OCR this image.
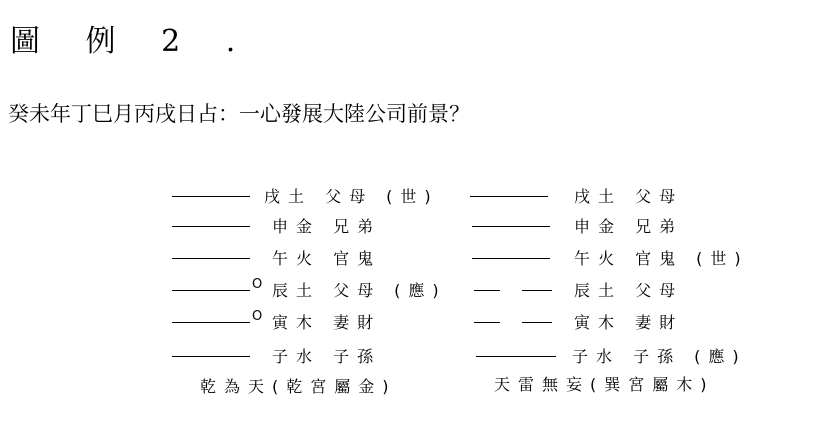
圖 例 2 .
癸未年丁巳月丙戌日占：一心發展大陸公司前景？
戌土 父母 (世)
申金 兄弟
午火 官鬼
O 辰土 父母 (應)
O 寅木 妻財
子水 子孫
乾為天(乾宮屬金)
戌土 父母
申金 兄弟
午火 官鬼 (世)
辰土 父母
寅木 妻財
子水 子孫 (應)
天雷無妄(巽宮屬木)
